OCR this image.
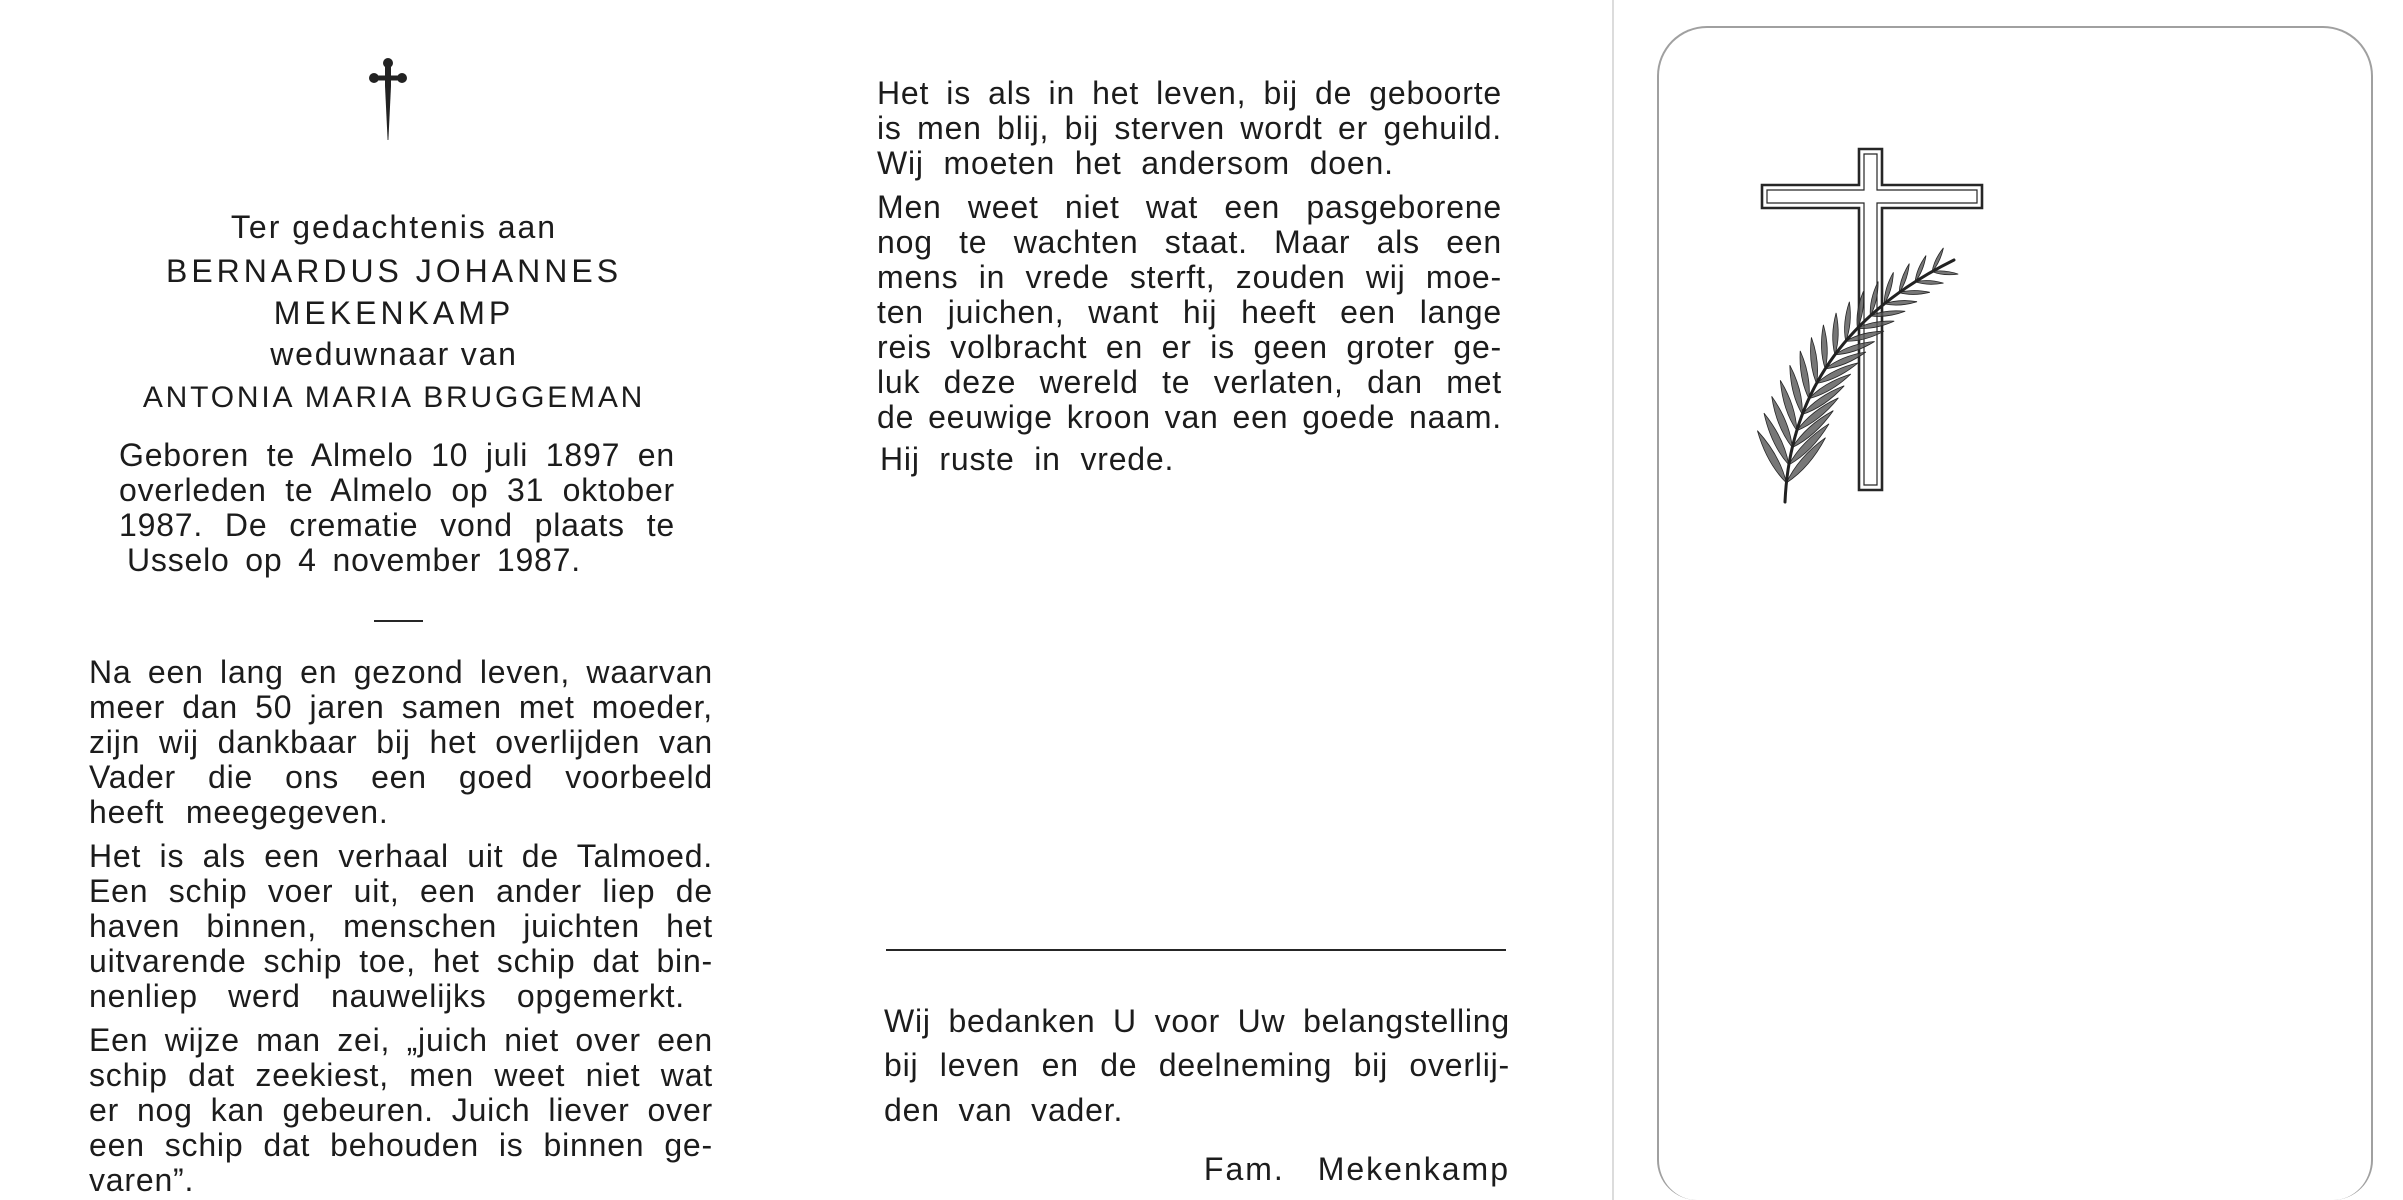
Ter gedachtenis aan
BERNARDUS JOHANNES
MEKENKAMP
weduwnaar van
ANTONIA MARIA BRUGGEMAN
Geboren te Almelo 10 juli 1897 en
overleden te Almelo op 31 oktober
1987. De crematie vond plaats te
Usselo op 4 november 1987.
Na een lang en gezond leven, waarvan
meer dan 50 jaren samen met moeder,
zijn wij dankbaar bij het overlijden van
Vader die ons een goed voorbeeld
heeft meegegeven.
Het is als een verhaal uit de Talmoed.
Een schip voer uit, een ander liep de
haven binnen, menschen juichten het
uitvarende schip toe, het schip dat bin-
nenliep werd nauwelijks opgemerkt.
Een wijze man zei, „juich niet over een
schip dat zeekiest, men weet niet wat
er nog kan gebeuren. Juich liever over
een schip dat behouden is binnen ge-
varen”.
Het is als in het leven, bij de geboorte
is men blij, bij sterven wordt er gehuild.
Wij moeten het andersom doen.
Men weet niet wat een pasgeborene
nog te wachten staat. Maar als een
mens in vrede sterft, zouden wij moe-
ten juichen, want hij heeft een lange
reis volbracht en er is geen groter ge-
luk deze wereld te verlaten, dan met
de eeuwige kroon van een goede naam.
Hij ruste in vrede.
Wij bedanken U voor Uw belangstelling
bij leven en de deelneming bij overlij-
den van vader.
Fam. Mekenkamp
